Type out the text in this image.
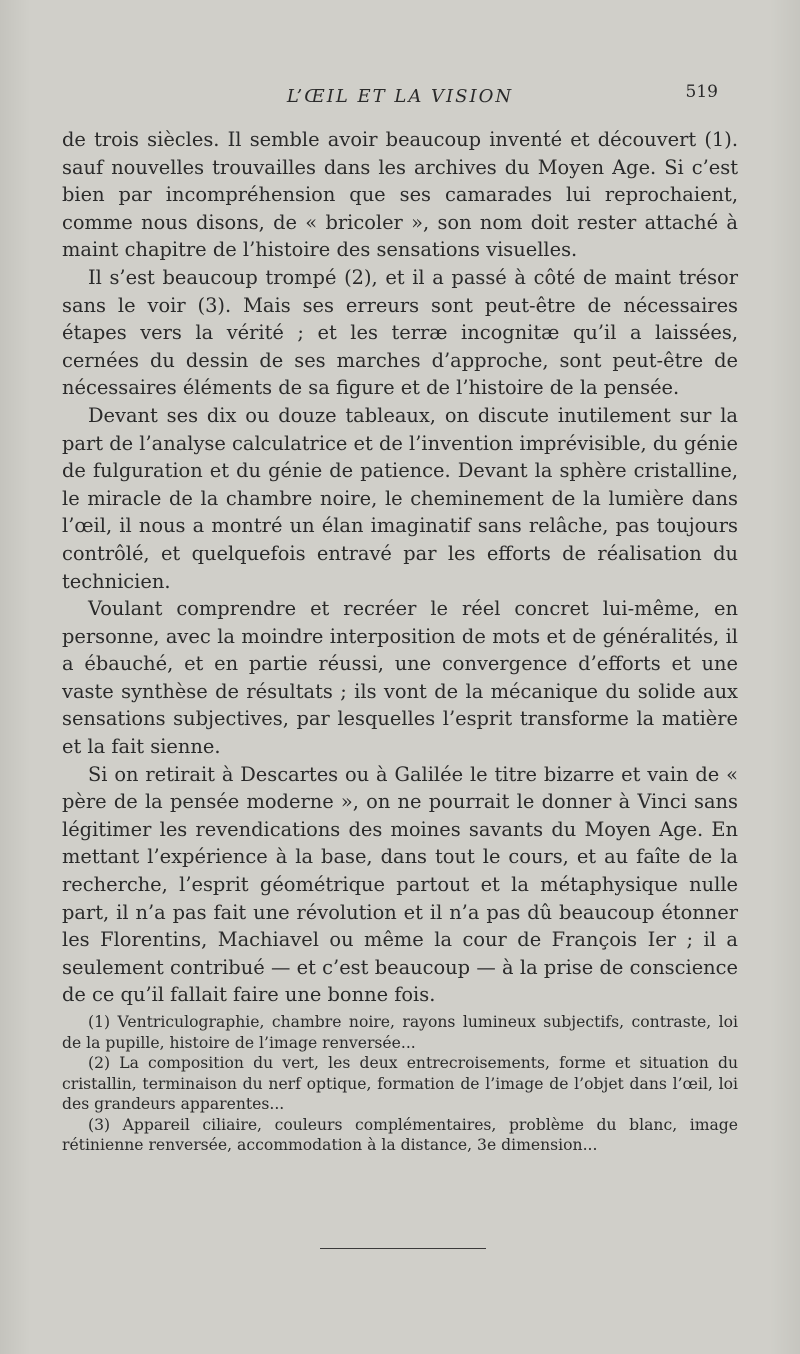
L’ŒIL ET LA VISION	519

de trois siècles. Il semble avoir beaucoup inventé et découvert (1). sauf nouvelles trouvailles dans les archives du Moyen Age. Si c’est bien par incompréhension que ses camarades lui reprochaient, comme nous disons, de « bricoler », son nom doit rester attaché à maint chapitre de l’histoire des sensations visuelles.

Il s’est beaucoup trompé (2), et il a passé à côté de maint trésor sans le voir (3). Mais ses erreurs sont peut-être de nécessaires étapes vers la vérité ; et les terræ incognitæ qu’il a laissées, cernées du dessin de ses marches d’approche, sont peut-être de nécessaires éléments de sa figure et de l’histoire de la pensée.

Devant ses dix ou douze tableaux, on discute inutilement sur la part de l’analyse calculatrice et de l’invention imprévisible, du génie de fulguration et du génie de patience. Devant la sphère cristalline, le miracle de la chambre noire, le cheminement de la lumière dans l’œil, il nous a montré un élan imaginatif sans relâche, pas toujours contrôlé, et quelquefois entravé par les efforts de réalisation du technicien.

Voulant comprendre et recréer le réel concret lui-même, en personne, avec la moindre interposition de mots et de généralités, il a ébauché, et en partie réussi, une convergence d’efforts et une vaste synthèse de résultats ; ils vont de la mécanique du solide aux sensations subjectives, par lesquelles l’esprit transforme la matière et la fait sienne.

Si on retirait à Descartes ou à Galilée le titre bizarre et vain de « père de la pensée moderne », on ne pourrait le donner à Vinci sans légitimer les revendications des moines savants du Moyen Age. En mettant l’expérience à la base, dans tout le cours, et au faîte de la recherche, l’esprit géométrique partout et la métaphysique nulle part, il n’a pas fait une révolution et il n’a pas dû beaucoup étonner les Florentins, Machiavel ou même la cour de François Ier ; il a seulement contribué — et c’est beaucoup — à la prise de conscience de ce qu’il fallait faire une bonne fois.

(1) Ventriculographie, chambre noire, rayons lumineux subjectifs, contraste, loi de la pupille, histoire de l’image renversée...

(2) La composition du vert, les deux entrecroisements, forme et situation du cristallin, terminaison du nerf optique, formation de l’image de l’objet dans l’œil, loi des grandeurs apparentes...

(3) Appareil ciliaire, couleurs complémentaires, problème du blanc, image rétinienne renversée, accommodation à la distance, 3e dimension...
